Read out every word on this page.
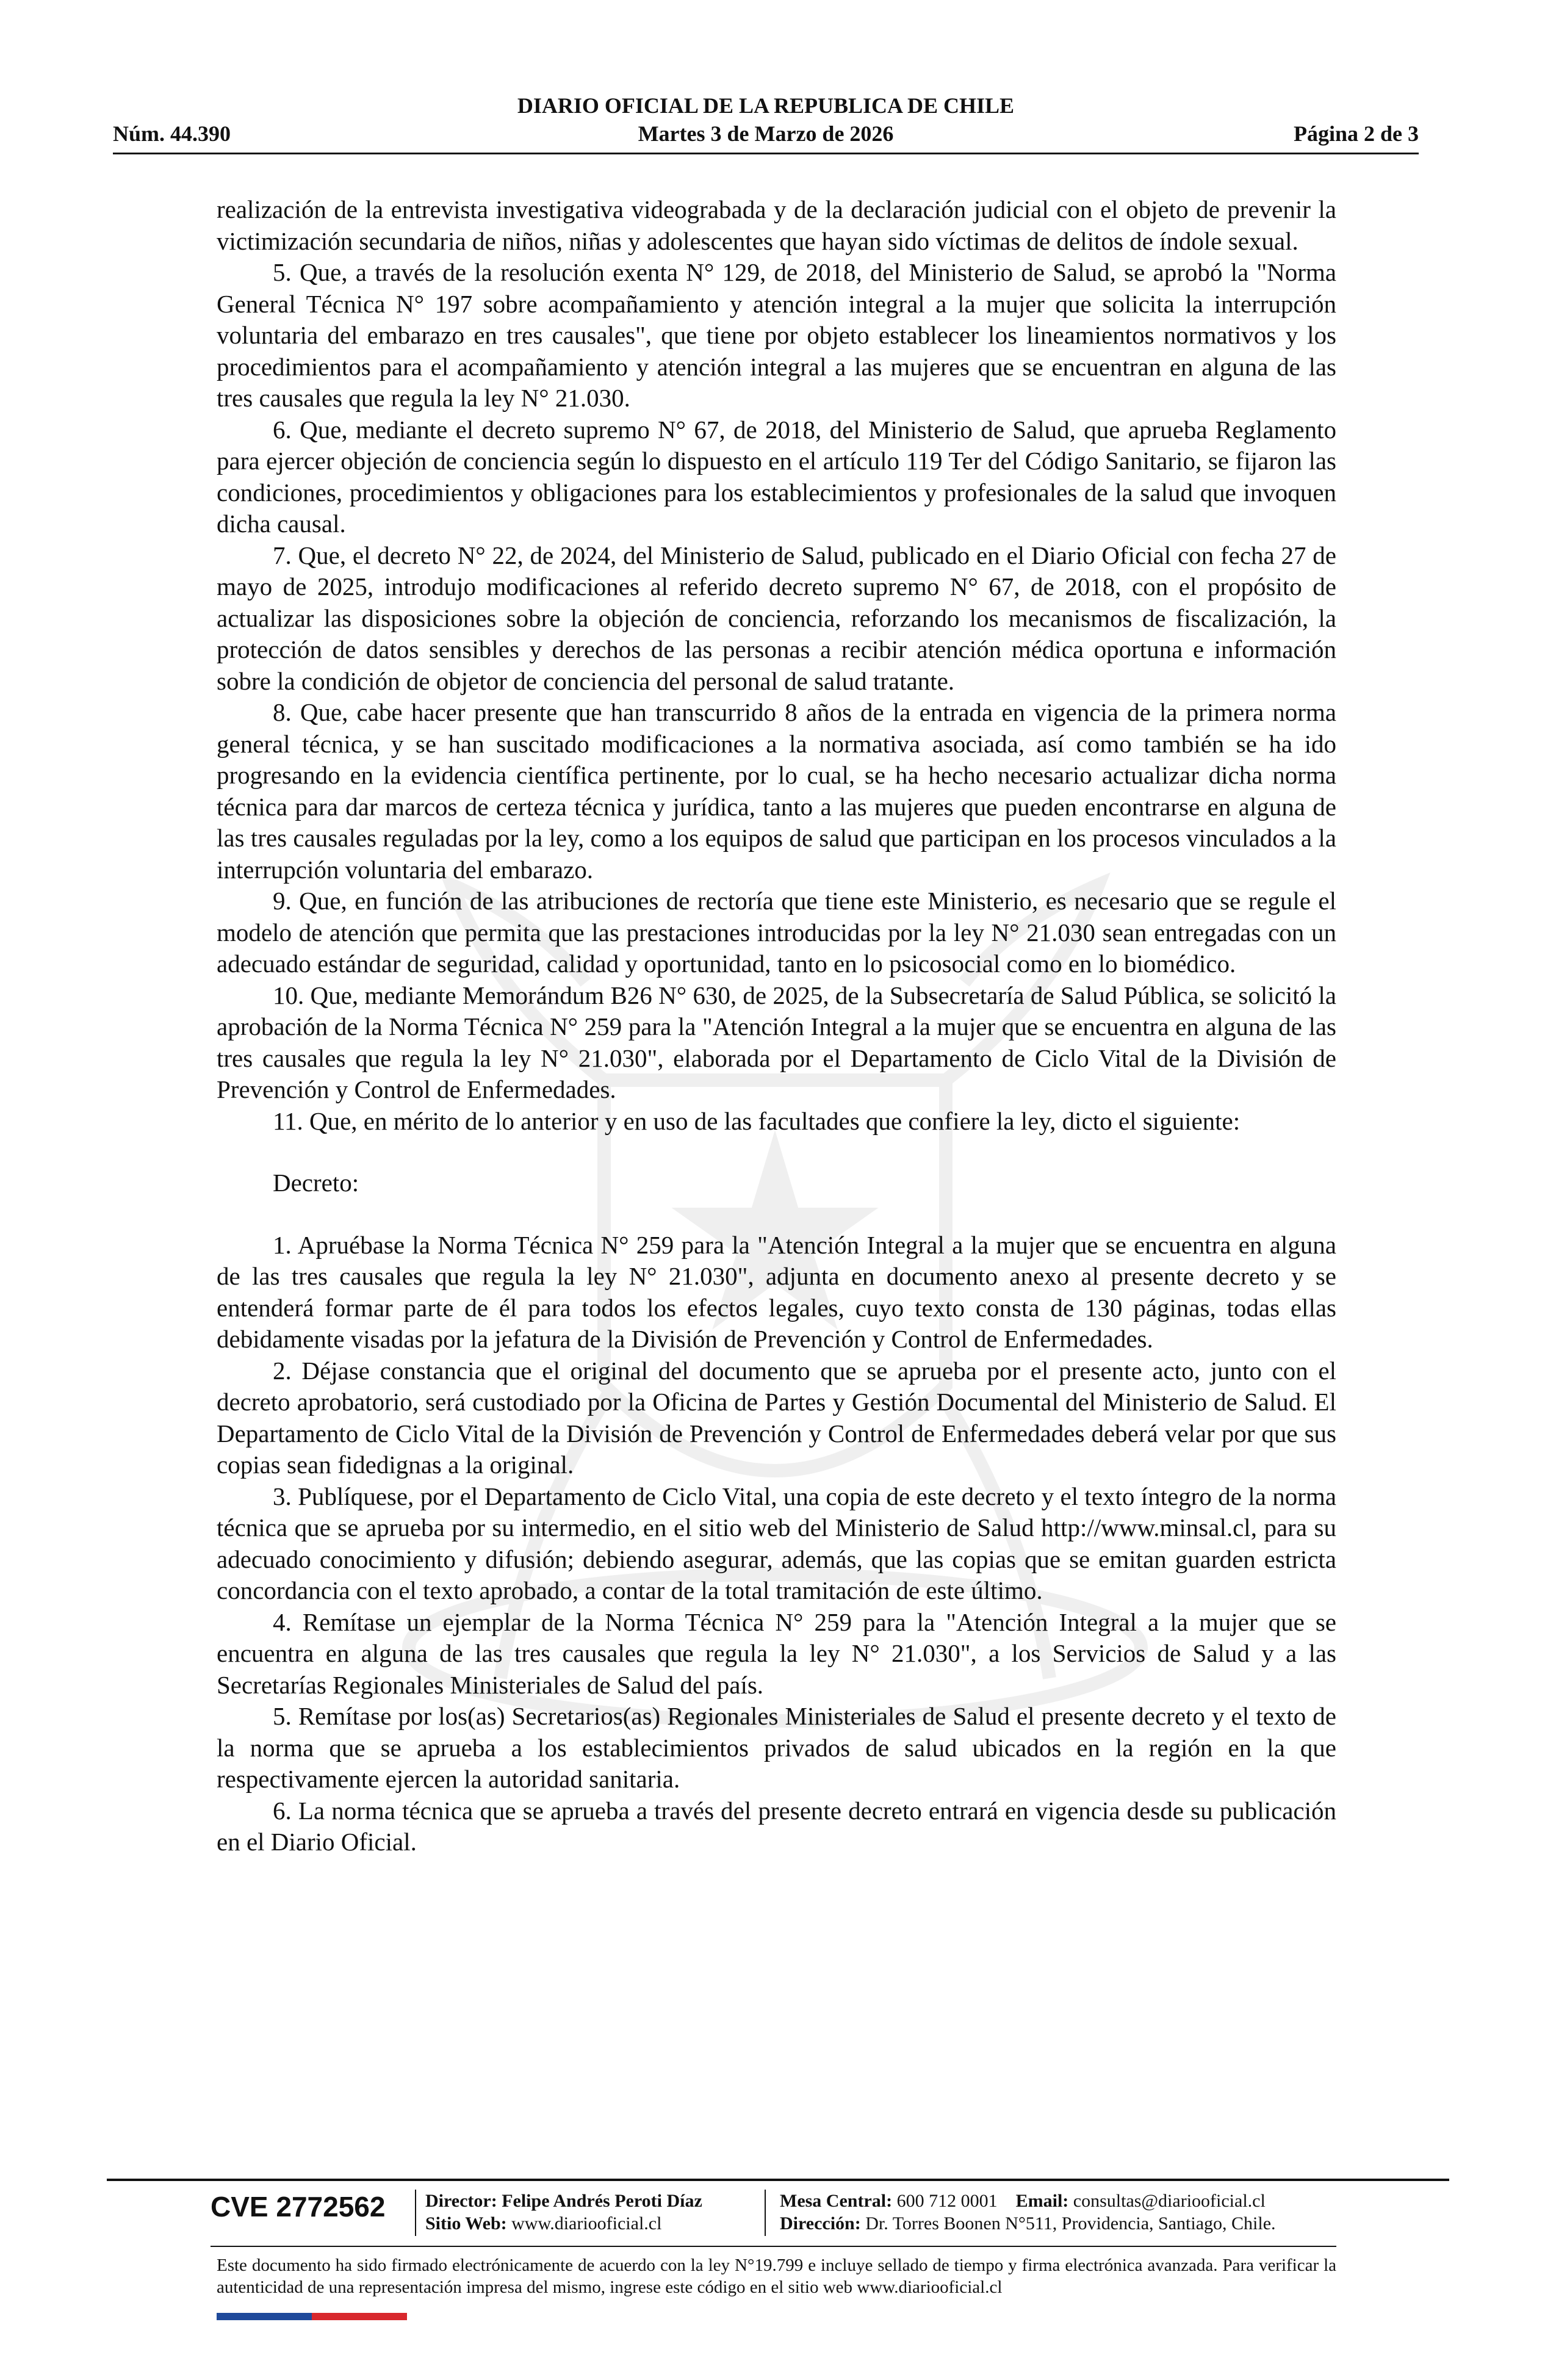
DIARIO OFICIAL DE LA REPUBLICA DE CHILE
Martes 3 de Marzo de 2026
Núm. 44.390	Página 2 de 3

realización de la entrevista investigativa videograbada y de la declaración judicial con el objeto de prevenir la victimización secundaria de niños, niñas y adolescentes que hayan sido víctimas de delitos de índole sexual.

5. Que, a través de la resolución exenta N° 129, de 2018, del Ministerio de Salud, se aprobó la "Norma General Técnica N° 197 sobre acompañamiento y atención integral a la mujer que solicita la interrupción voluntaria del embarazo en tres causales", que tiene por objeto establecer los lineamientos normativos y los procedimientos para el acompañamiento y atención integral a las mujeres que se encuentran en alguna de las tres causales que regula la ley N° 21.030.

6. Que, mediante el decreto supremo N° 67, de 2018, del Ministerio de Salud, que aprueba Reglamento para ejercer objeción de conciencia según lo dispuesto en el artículo 119 Ter del Código Sanitario, se fijaron las condiciones, procedimientos y obligaciones para los establecimientos y profesionales de la salud que invoquen dicha causal.

7. Que, el decreto N° 22, de 2024, del Ministerio de Salud, publicado en el Diario Oficial con fecha 27 de mayo de 2025, introdujo modificaciones al referido decreto supremo N° 67, de 2018, con el propósito de actualizar las disposiciones sobre la objeción de conciencia, reforzando los mecanismos de fiscalización, la protección de datos sensibles y derechos de las personas a recibir atención médica oportuna e información sobre la condición de objetor de conciencia del personal de salud tratante.

8. Que, cabe hacer presente que han transcurrido 8 años de la entrada en vigencia de la primera norma general técnica, y se han suscitado modificaciones a la normativa asociada, así como también se ha ido progresando en la evidencia científica pertinente, por lo cual, se ha hecho necesario actualizar dicha norma técnica para dar marcos de certeza técnica y jurídica, tanto a las mujeres que pueden encontrarse en alguna de las tres causales reguladas por la ley, como a los equipos de salud que participan en los procesos vinculados a la interrupción voluntaria del embarazo.

9. Que, en función de las atribuciones de rectoría que tiene este Ministerio, es necesario que se regule el modelo de atención que permita que las prestaciones introducidas por la ley N° 21.030 sean entregadas con un adecuado estándar de seguridad, calidad y oportunidad, tanto en lo psicosocial como en lo biomédico.

10. Que, mediante Memorándum B26 N° 630, de 2025, de la Subsecretaría de Salud Pública, se solicitó la aprobación de la Norma Técnica N° 259 para la "Atención Integral a la mujer que se encuentra en alguna de las tres causales que regula la ley N° 21.030", elaborada por el Departamento de Ciclo Vital de la División de Prevención y Control de Enfermedades.

11. Que, en mérito de lo anterior y en uso de las facultades que confiere la ley, dicto el siguiente:

Decreto:

1. Apruébase la Norma Técnica N° 259 para la "Atención Integral a la mujer que se encuentra en alguna de las tres causales que regula la ley N° 21.030", adjunta en documento anexo al presente decreto y se entenderá formar parte de él para todos los efectos legales, cuyo texto consta de 130 páginas, todas ellas debidamente visadas por la jefatura de la División de Prevención y Control de Enfermedades.

2. Déjase constancia que el original del documento que se aprueba por el presente acto, junto con el decreto aprobatorio, será custodiado por la Oficina de Partes y Gestión Documental del Ministerio de Salud. El Departamento de Ciclo Vital de la División de Prevención y Control de Enfermedades deberá velar por que sus copias sean fidedignas a la original.

3. Publíquese, por el Departamento de Ciclo Vital, una copia de este decreto y el texto íntegro de la norma técnica que se aprueba por su intermedio, en el sitio web del Ministerio de Salud http://www.minsal.cl, para su adecuado conocimiento y difusión; debiendo asegurar, además, que las copias que se emitan guarden estricta concordancia con el texto aprobado, a contar de la total tramitación de este último.

4. Remítase un ejemplar de la Norma Técnica N° 259 para la "Atención Integral a la mujer que se encuentra en alguna de las tres causales que regula la ley N° 21.030", a los Servicios de Salud y a las Secretarías Regionales Ministeriales de Salud del país.

5. Remítase por los(as) Secretarios(as) Regionales Ministeriales de Salud el presente decreto y el texto de la norma que se aprueba a los establecimientos privados de salud ubicados en la región en la que respectivamente ejercen la autoridad sanitaria.

6. La norma técnica que se aprueba a través del presente decreto entrará en vigencia desde su publicación en el Diario Oficial.

CVE 2772562 Director: Felipe Andrés Peroti Díaz
Sitio Web: www.diariooficial.cl
Mesa Central: 600 712 0001 Email: consultas@diariooficial.cl
Dirección: Dr. Torres Boonen N°511, Providencia, Santiago, Chile.
Este documento ha sido firmado electrónicamente de acuerdo con la ley N°19.799 e incluye sellado de tiempo y firma electrónica avanzada. Para verificar la autenticidad de una representación impresa del mismo, ingrese este código en el sitio web www.diariooficial.cl
